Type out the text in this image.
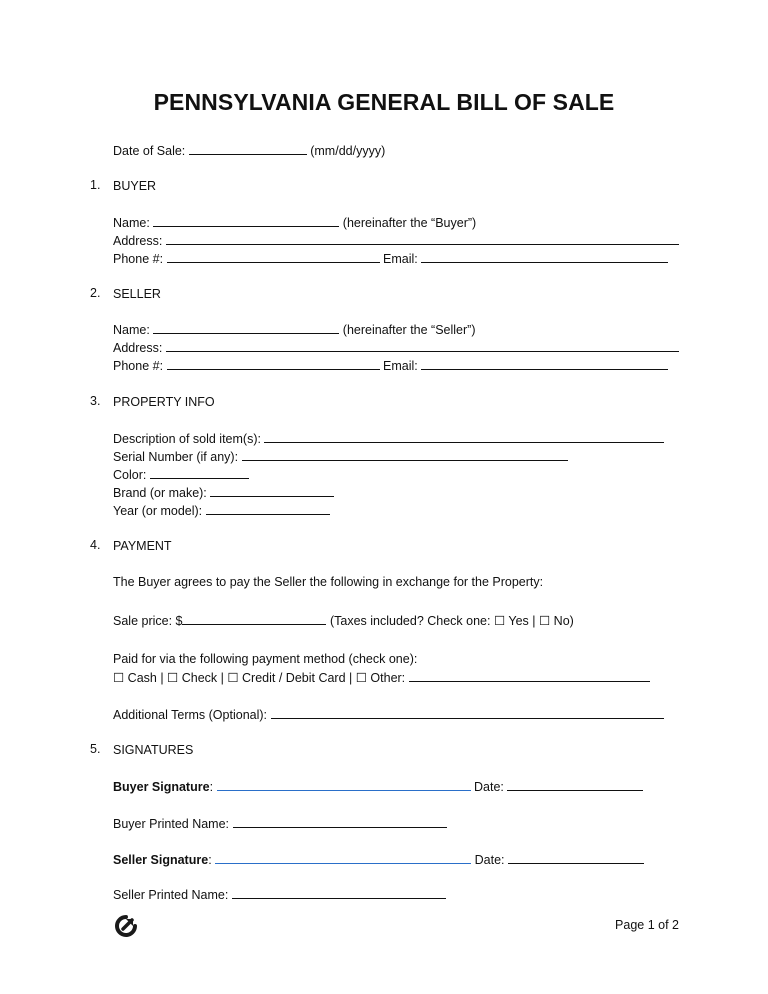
PENNSYLVANIA GENERAL BILL OF SALE
Date of Sale:	(mm/dd/yyyy)
1. BUYER
Name:	(hereinafter the “Buyer”)
Address:
Phone #:	Email:
2. SELLER
Name:	(hereinafter the “Seller”)
Address:
Phone #:	Email:
3. PROPERTY INFO
Description of sold item(s):
Serial Number (if any):
Color:
Brand (or make):
Year (or model):
4. PAYMENT
The Buyer agrees to pay the Seller the following in exchange for the Property:
Sale price: $	(Taxes included? Check one: ☐ Yes | ☐ No)
Paid for via the following payment method (check one):
☐ Cash | ☐ Check | ☐ Credit / Debit Card | ☐ Other:
Additional Terms (Optional):
5. SIGNATURES
Buyer Signature:	Date:
Buyer Printed Name:
Seller Signature:	Date:
Seller Printed Name:
Page 1 of 2
